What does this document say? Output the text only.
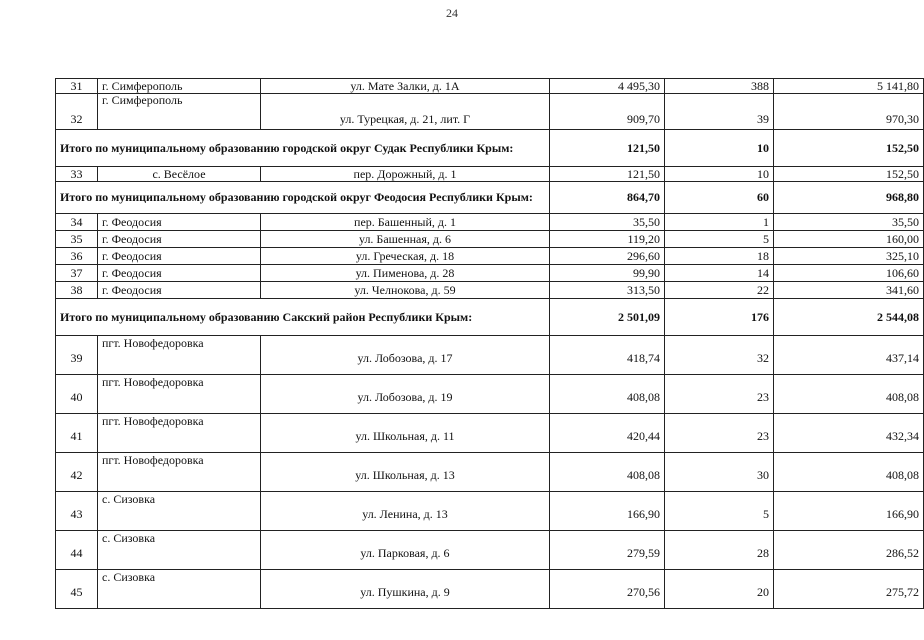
24
31	г. Симферополь	ул. Мате Залки, д. 1А	4 495,30	388	5 141,80
32	г. Симферополь	ул. Турецкая, д. 21, лит. Г	909,70	39	970,30
Итого по муниципальному образованию городской округ Судак Республики Крым:			121,50	10	152,50
33	с. Весёлое	пер. Дорожный, д. 1	121,50	10	152,50
Итого по муниципальному образованию городской округ Феодосия Республики Крым:			864,70	60	968,80
34	г. Феодосия	пер. Башенный, д. 1	35,50	1	35,50
35	г. Феодосия	ул. Башенная, д. 6	119,20	5	160,00
36	г. Феодосия	ул. Греческая, д. 18	296,60	18	325,10
37	г. Феодосия	ул. Пименова, д. 28	99,90	14	106,60
38	г. Феодосия	ул. Челнокова, д. 59	313,50	22	341,60
Итого по муниципальному образованию Сакский район Республики Крым:			2 501,09	176	2 544,08
39	пгт. Новофедоровка	ул. Лобозова, д. 17	418,74	32	437,14
40	пгт. Новофедоровка	ул. Лобозова, д. 19	408,08	23	408,08
41	пгт. Новофедоровка	ул. Школьная, д. 11	420,44	23	432,34
42	пгт. Новофедоровка	ул. Школьная, д. 13	408,08	30	408,08
43	с. Сизовка	ул. Ленина, д. 13	166,90	5	166,90
44	с. Сизовка	ул. Парковая, д. 6	279,59	28	286,52
45	с. Сизовка	ул. Пушкина, д. 9	270,56	20	275,72
